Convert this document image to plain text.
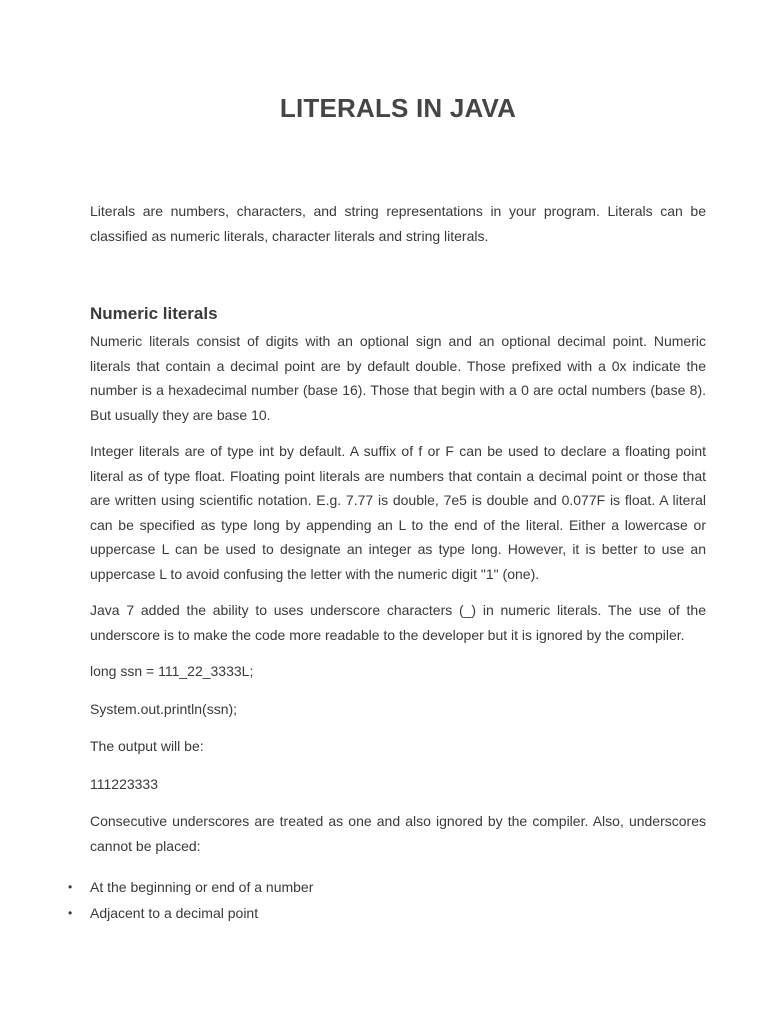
LITERALS IN JAVA

Literals are numbers, characters, and string representations in your program. Literals can be classified as numeric literals, character literals and string literals.

Numeric literals

Numeric literals consist of digits with an optional sign and an optional decimal point. Numeric literals that contain a decimal point are by default double. Those prefixed with a 0x indicate the number is a hexadecimal number (base 16). Those that begin with a 0 are octal numbers (base 8). But usually they are base 10.

Integer literals are of type int by default. A suffix of f or F can be used to declare a floating point literal as of type float. Floating point literals are numbers that contain a decimal point or those that are written using scientific notation. E.g. 7.77 is double, 7e5 is double and 0.077F is float. A literal can be specified as type long by appending an L to the end of the literal. Either a lowercase or uppercase L can be used to designate an integer as type long. However, it is better to use an uppercase L to avoid confusing the letter with the numeric digit "1" (one).

Java 7 added the ability to uses underscore characters (_) in numeric literals. The use of the underscore is to make the code more readable to the developer but it is ignored by the compiler.

long ssn = 111_22_3333L;

System.out.println(ssn);

The output will be:

111223333

Consecutive underscores are treated as one and also ignored by the compiler. Also, underscores cannot be placed:

• At the beginning or end of a number
• Adjacent to a decimal point
